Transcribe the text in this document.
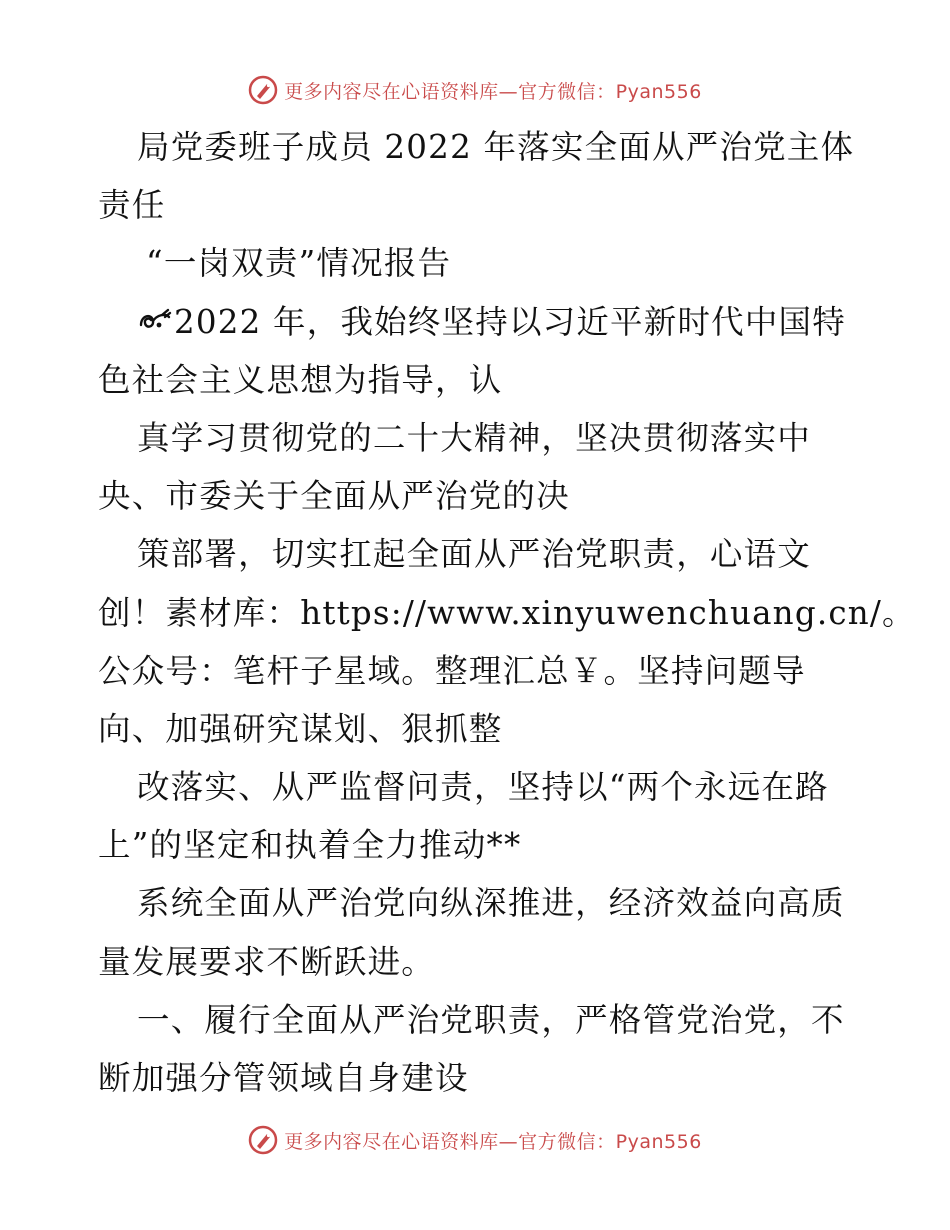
更多内容尽在心语资料库—官方微信：Pyan556
局党委班子成员 2022 年落实全面从严治党主体
责任
“一岗双责”情况报告
2022 年，我始终坚持以习近平新时代中国特
色社会主义思想为指导，认
真学习贯彻党的二十大精神，坚决贯彻落实中
央、市委关于全面从严治党的决
策部署，切实扛起全面从严治党职责，心语文
创！素材库：https://www.xinyuwenchuang.cn/。
公众号：笔杆子星域。整理汇总￥。坚持问题导
向、加强研究谋划、狠抓整
改落实、从严监督问责，坚持以“两个永远在路
上”的坚定和执着全力推动**
系统全面从严治党向纵深推进，经济效益向高质
量发展要求不断跃进。
一、履行全面从严治党职责，严格管党治党，不
断加强分管领域自身建设
更多内容尽在心语资料库—官方微信：Pyan556
